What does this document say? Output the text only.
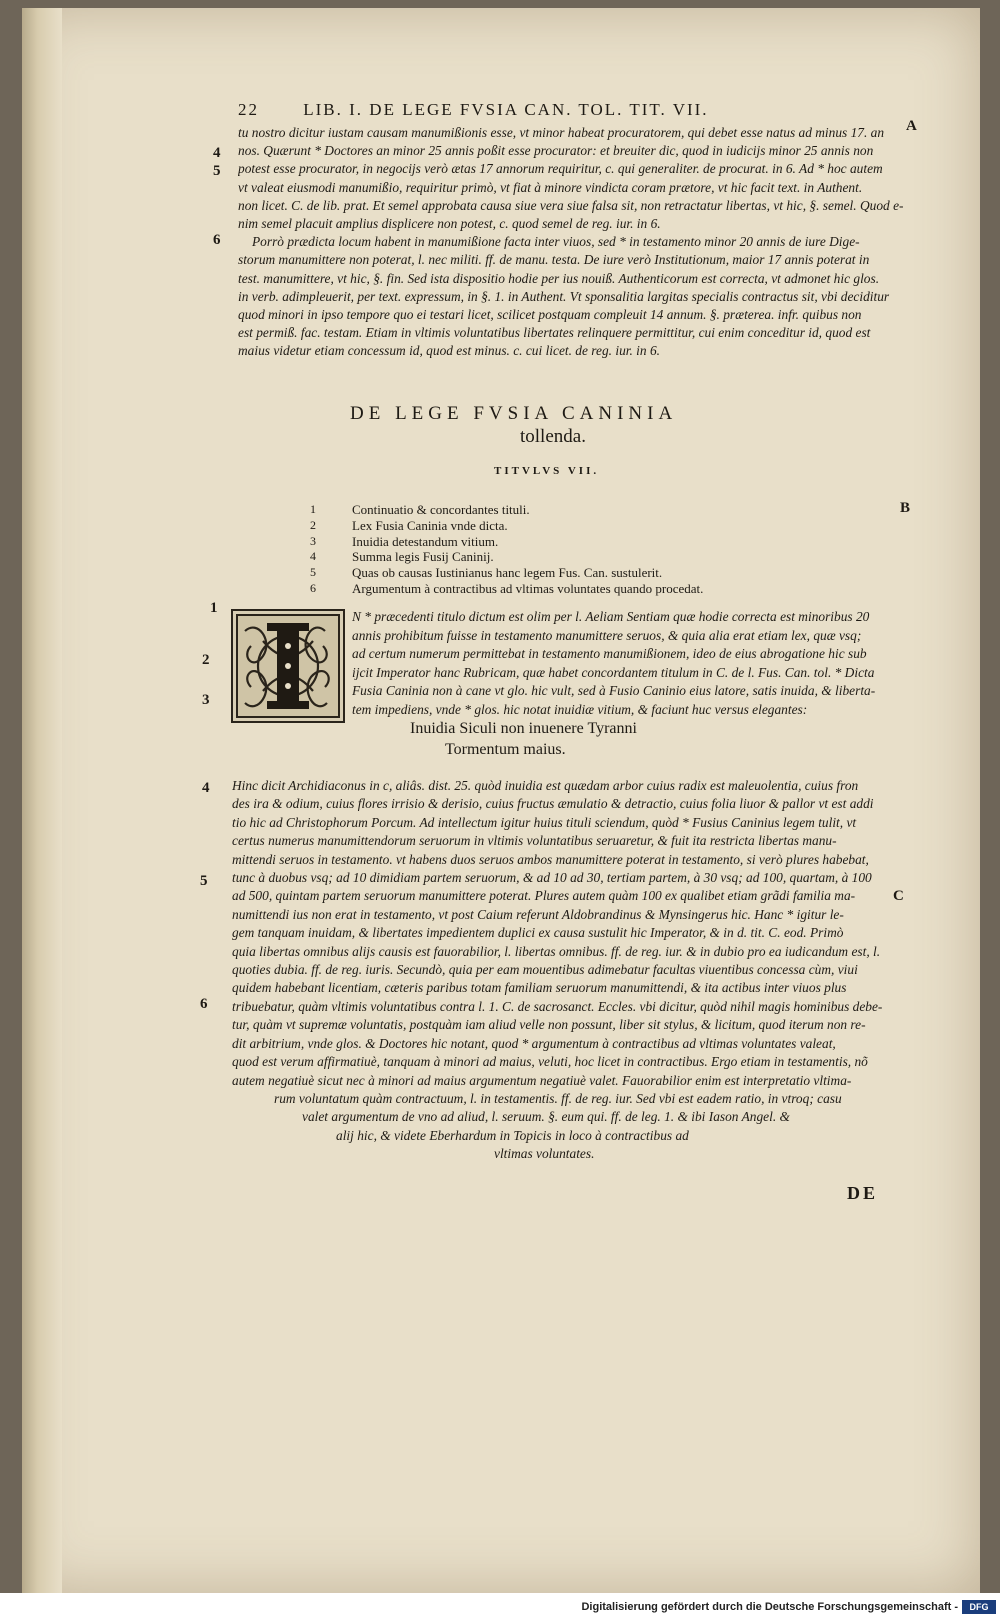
22	LIB. I. DE LEGE FVSIA CAN. TOL. TIT. VII.
tu nostro dicitur iustam causam manumißionis esse, vt minor habeat procuratorem, qui debet esse natus ad minus 17. an
nos. Quærunt * Doctores an minor 25 annis poßit esse procurator: et breuiter dic, quod in iudicijs minor 25 annis non
potest esse procurator, in negocijs verò ætas 17 annorum requiritur, c. qui generaliter. de procurat. in 6. Ad * hoc autem
vt valeat eiusmodi manumißio, requiritur primò, vt fiat à minore vindicta coram prætore, vt hic facit text. in Authent.
non licet. C. de lib. prat. Et semel approbata causa siue vera siue falsa sit, non retractatur libertas, vt hic, §. semel. Quod e-
nim semel placuit amplius displicere non potest, c. quod semel de reg. iur. in 6.
Porrò prædicta locum habent in manumißione facta inter viuos, sed * in testamento minor 20 annis de iure Dige-
storum manumittere non poterat, l. nec militi. ff. de manu. testa. De iure verò Institutionum, maior 17 annis poterat in
test. manumittere, vt hic, §. fin. Sed ista dispositio hodie per ius nouiß. Authenticorum est correcta, vt admonet hic glos.
in verb. adimpleuerit, per text. expressum, in §. 1. in Authent. Vt sponsalitia largitas specialis contractus sit, vbi deciditur
quod minori in ipso tempore quo ei testari licet, scilicet postquam compleuit 14 annum. §. præterea. infr. quibus non
est permiß. fac. testam. Etiam in vltimis voluntatibus libertates relinquere permittitur, cui enim conceditur id, quod est
maius videtur etiam concessum id, quod est minus. c. cui licet. de reg. iur. in 6.
4
5
6
A
DE LEGE FVSIA CANINIA
tollenda.
TITVLVS VII.
1	Continuatio & concordantes tituli.
2	Lex Fusia Caninia vnde dicta.
3	Inuidia detestandum vitium.
4	Summa legis Fusij Caninij.
5	Quas ob causas Iustinianus hanc legem Fus. Can. sustulerit.
6	Argumentum à contractibus ad vltimas voluntates quando procedat.
B
N * præcedenti titulo dictum est olim per l. Aeliam Sentiam quæ hodie correcta est minoribus 20
annis prohibitum fuisse in testamento manumittere seruos, & quia alia erat etiam lex, quæ vsq;
ad certum numerum permittebat in testamento manumißionem, ideo de eius abrogatione hic sub
ijcit Imperator hanc Rubricam, quæ habet concordantem titulum in C. de l. Fus. Can. tol. * Dicta
Fusia Caninia non à cane vt glo. hic vult, sed à Fusio Caninio eius latore, satis inuida, & liberta-
tem impediens, vnde * glos. hic notat inuidiæ vitium, & faciunt huc versus elegantes:
1
2
3
Inuidia Siculi non inuenere Tyranni
Tormentum maius.
Hinc dicit Archidiaconus in c, aliâs. dist. 25. quòd inuidia est quædam arbor cuius radix est maleuolentia, cuius fron
des ira & odium, cuius flores irrisio & derisio, cuius fructus æmulatio & detractio, cuius folia liuor & pallor vt est addi
tio hic ad Christophorum Porcum. Ad intellectum igitur huius tituli sciendum, quòd * Fusius Caninius legem tulit, vt
certus numerus manumittendorum seruorum in vltimis voluntatibus seruaretur, & fuit ita restricta libertas manu-
mittendi seruos in testamento. vt habens duos seruos ambos manumittere poterat in testamento, si verò plures habebat,
tunc à duobus vsq; ad 10 dimidiam partem seruorum, & ad 10 ad 30, tertiam partem, à 30 vsq; ad 100, quartam, à 100
ad 500, quintam partem seruorum manumittere poterat. Plures autem quàm 100 ex qualibet etiam grãdi familia ma-
numittendi ius non erat in testamento, vt post Caium referunt Aldobrandinus & Mynsingerus hic. Hanc * igitur le-
gem tanquam inuidam, & libertates impedientem duplici ex causa sustulit hic Imperator, & in d. tit. C. eod. Primò
quia libertas omnibus alijs causis est fauorabilior, l. libertas omnibus. ff. de reg. iur. & in dubio pro ea iudicandum est, l.
quoties dubia. ff. de reg. iuris. Secundò, quia per eam mouentibus adimebatur facultas viuentibus concessa cùm, viui
quidem habebant licentiam, cæteris paribus totam familiam seruorum manumittendi, & ita actibus inter viuos plus
tribuebatur, quàm vltimis voluntatibus contra l. 1. C. de sacrosanct. Eccles. vbi dicitur, quòd nihil magis hominibus debe-
tur, quàm vt supremæ voluntatis, postquàm iam aliud velle non possunt, liber sit stylus, & licitum, quod iterum non re-
dit arbitrium, vnde glos. & Doctores hic notant, quod * argumentum à contractibus ad vltimas voluntates valeat,
quod est verum affirmatiuè, tanquam à minori ad maius, veluti, hoc licet in contractibus. Ergo etiam in testamentis, nõ
autem negatiuè sicut nec à minori ad maius argumentum negatiuè valet. Fauorabilior enim est interpretatio vltima-
rum voluntatum quàm contractuum, l. in testamentis. ff. de reg. iur. Sed vbi est eadem ratio, in vtroq; casu
valet argumentum de vno ad aliud, l. seruum. §. eum qui. ff. de leg. 1. & ibi Iason Angel. &
alij hic, & videte Eberhardum in Topicis in loco à contractibus ad
vltimas voluntates.
4
5
6
C
DE
Digitalisierung gefördert durch die Deutsche Forschungsgemeinschaft -	DFG
